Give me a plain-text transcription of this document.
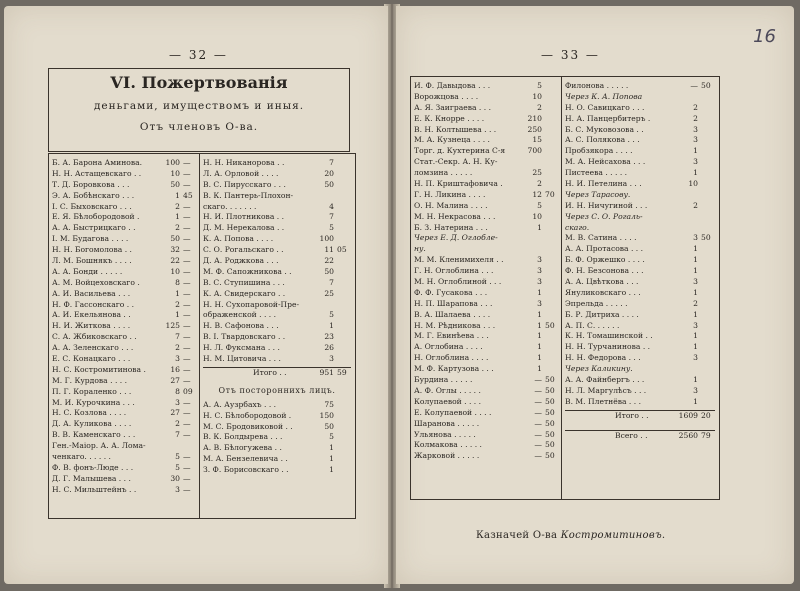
— 32 —
VI. Пожертвованія
деньгами, имуществомъ и иныя.
Отъ членовъ О-ва.
Б. А. Барона Аминова.	100 —
Н. Н. Астащевскаго . .	10 —
Т. Д. Боровкова . . .	50 —
Э. А. Бобѣнскаго . . .	1 45
І. С. Быховскаго . . .	2 —
Е. Я. Бѣлобородовой .	1 —
А. А. Быстрицкаго . .	2 —
І. М. Будагова . . . .	50 —
Н. Н. Богомолова . .	32 —
Л. М. Бошнякъ . . . .	22 —
А. А. Бонди . . . . .	10 —
А. М. Войцеховскаго .	8 —
А. И. Васильева . . .	1 —
Н. Ф. Гассонскаго . .	2 —
А. И. Екельянова . .	1 —
Н. И. Житкова . . . .	125 —
С. А. Жбиковскаго . .	7 —
А. А. Зеленскаго . . .	2 —
Е. С. Конацкаго . . .	3 —
Н. С. Костромитинова .	16 —
М. Г. Курдова . . . .	27 —
П. Г. Кораленко . . .	8 09
М. И. Курочкина . . .	3 —
Н. С. Козлова . . . .	27 —
Д. А. Куликова . . . .	2 —
В. В. Каменскаго . . .	7 —
Ген.-Маіор. А. А. Лома-
ченкаго. . . . . .	5 —
Ф. В. фонъ-Люде . . .	5 —
Д. Г. Малышева . . .	30 —
Н. С. Мильштейнъ . .	3 —
Н. Н. Никанорова . .	7
Л. А. Орловой . . . .	20
В. С. Пирусскаго . . .	50
В. К. Пантерь-Плохон-
скаго. . . . . . .	4
Н. И. Плотникова . .	7
Д. М. Нерекалова . .	5
К. А. Попова . . . .	100
С. О. Рогальскаго . .	11 05
Д. А. Роджкова . . .	22
М. Ф. Сапожникова . .	50
В. С. Ступишина . . .	7
К. А. Свидерскаго . .	25
Н. Н. Сухопаровой-Пре-
ображенской . . . .	5
Н. В. Сафонова . . .	1
В. І. Твардовскаго . .	23
Н. Л. Фуксмана . . .	26
Н. М. Цитовича . . .	3
Итого . .	951 59
Отъ постороннихъ лицъ.
А. А. Аузрбахъ . . .	75
Н. С. Бѣлобородовой .	150
М. С. Бродовиковой . .	50
В. К. Болдырева . . .	5
А. В. Бѣлогужева . .	1
М. А. Бензелевича . .	1
З. Ф. Борисовскаго . .	1
— 33 —
16
И. Ф. Давыдова . . .	5
Ворожцова . . . .	10
А. Я. Заиграева . . .	2
Е. К. Кнорре . . . .	210
В. Н. Колтышева . . .	250
М. А. Кузнеца . . . .	15
Торг. д. Кухтерина С-я	700
Стат.-Секр. А. Н. Ку-
ломзина . . . . .	25
Н. П. Криштафовича .	2
Г. Н. Ликина . . . .	12 70
О. Н. Малина . . . .	5
М. Н. Некрасова . . .	10
Б. З. Натерина . . .	1
Через Е. Д. Оглобле-
ну.
М. М. Кленимихеля . .	3
Г. Н. Оглоблина . . .	3
М. Н. Оглоблиной . . .	3
Ф. Ф. Гусакова . . .	1
Н. П. Шарапова . . .	3
В. А. Шалаева . . . .	1
Н. М. Рѣдникова . . .	1 50
М. Г. Евинѣева . . .	1
А. Оглобина . . . .	1
Н. Оглоблина . . . .	1
М. Ф. Картузова . . .	1
Бурдина . . . . .	— 50
А. Ф. Оглы . . . . .	— 50
Колупаевой . . . .	— 50
Е. Колупаевой . . . .	— 50
Шаранова . . . . .	— 50
Ульянова . . . . .	— 50
Колмакова . . . . .	— 50
Жарковой . . . . .	— 50
Филонова . . . . .	— 50
Через К. А. Попова
Н. О. Савицкаго . . .	2
Н. А. Панцербитеръ .	2
Б. С. Муковозова . .	3
А. С. Полякова . . .	3
Пробзякорa . . . .	1
М. А. Нейсахова . . .	3
Пистеева . . . . .	1
Н. И. Петелина . . .	10
Через Тарасову.
И. Н. Ничугиной . . .	2
Через С. О. Рогаль-
скаго.
М. В. Сатина . . . .	3 50
А. А. Протасова . . .	1
Б. Ф. Оржешко . . . .	1
Ф. Н. Безсонова . . .	1
А. А. Цвѣткова . . .	3
Януликовскаго . . .	1
Эпрельда . . . . .	2
Б. Р. Дитриха . . . .	1
А. П. С. . . . . .	3
К. Н. Томашинской . .	1
Н. Н. Турчанинова . .	1
Н. Н. Федорова . . .	3
Через Каликину.
А. А. Файнбергъ . . .	1
Н. Л. Маргулѣсъ . . .	3
В. М. Плетнёва . . .	1
Итого . .	1609 20
Всего . .	2560 79
Казначей О-ва Костромитиновъ.
